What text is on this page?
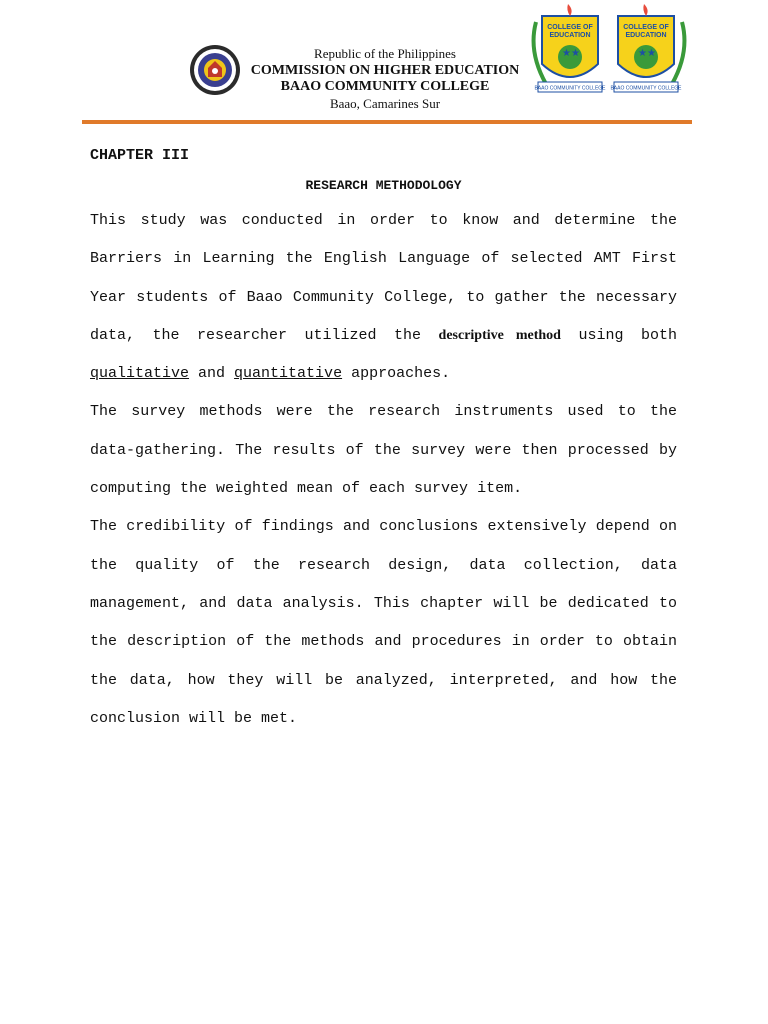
Republic of the Philippines
COMMISSION ON HIGHER EDUCATION
BAAO COMMUNITY COLLEGE
Baao, Camarines Sur
COLLEGE OF
EDUCATION
★★
COLLEGE OF
EDUCATION
★★
BAAO COMMUNITY COLLEGE BAAO COMMUNITY COLLEGE
CHAPTER III
RESEARCH METHODOLOGY

This study was conducted in order to know and determine the Barriers in Learning the English Language of selected AMT First Year students of Baao Community College, to gather the necessary data, the researcher utilized the descriptive method using both qualitative and quantitative approaches.

The survey methods were the research instruments used to the data-gathering. The results of the survey were then processed by computing the weighted mean of each survey item.

The credibility of findings and conclusions extensively depend on the quality of the research design, data collection, data management, and data analysis. This chapter will be dedicated to the description of the methods and procedures in order to obtain the data, how they will be analyzed, interpreted, and how the conclusion will be met.
